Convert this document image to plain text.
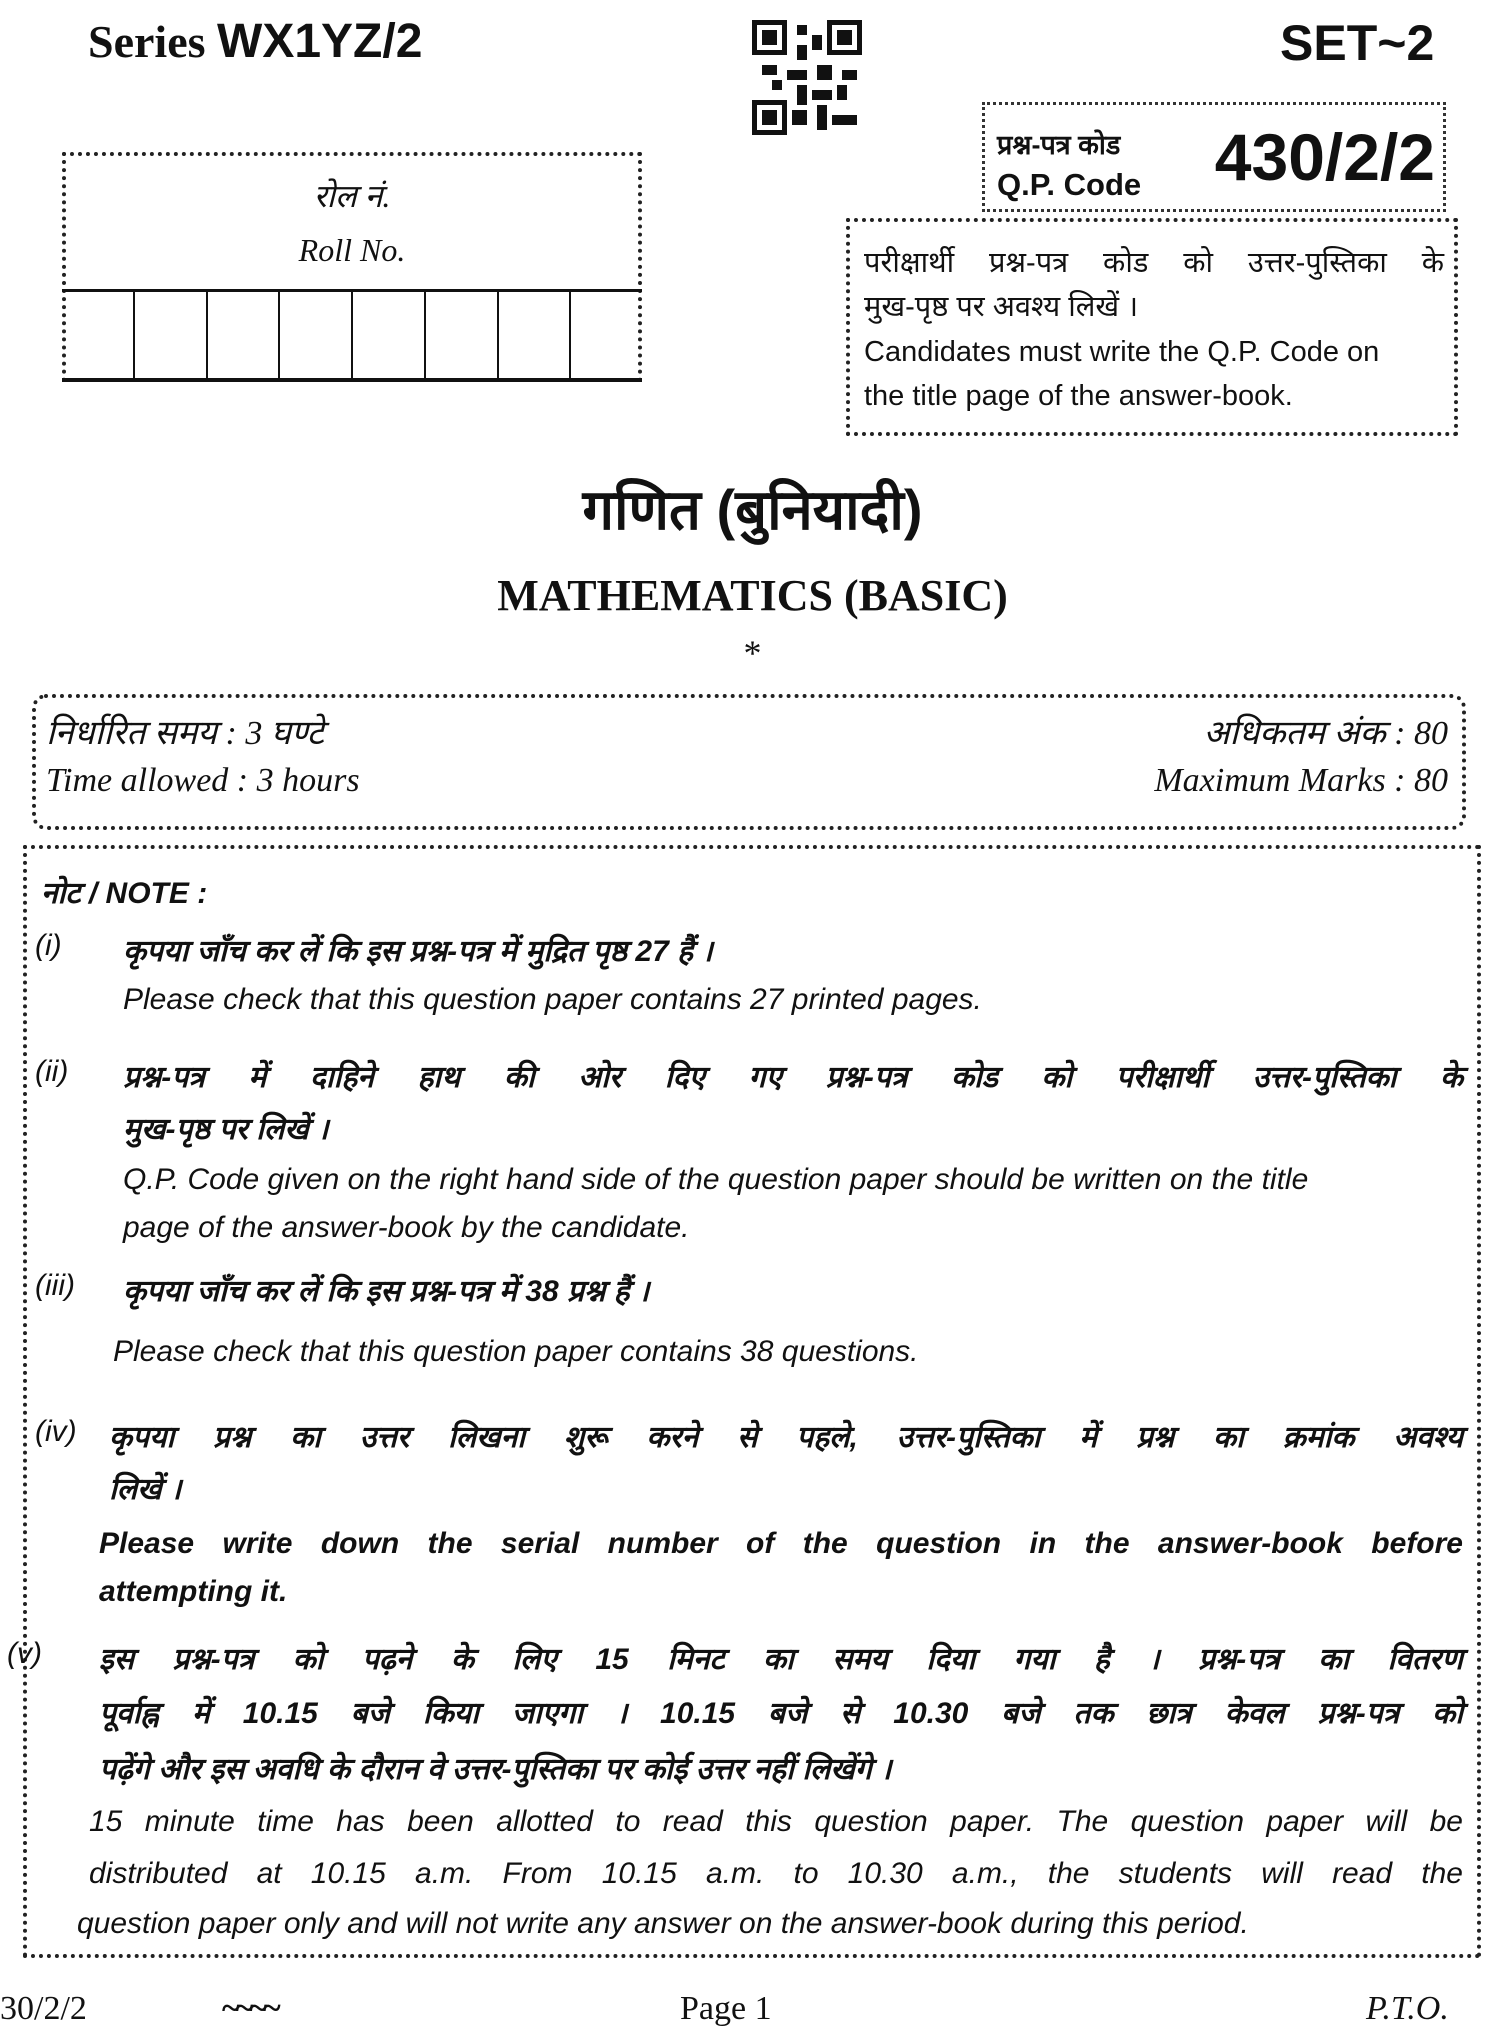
Series WX1YZ/2	SET~2
रोल नं.
Roll No.
प्रश्न-पत्र कोड
Q.P. Code 430/2/2

परीक्षार्थी प्रश्न-पत्र कोड को उत्तर-पुस्तिका के

मुख-पृष्ठ पर अवश्य लिखें ।

Candidates must write the Q.P. Code on

the title page of the answer-book.

गणित (बुनियादी)
MATHEMATICS (BASIC)
*
निर्धारित समय : 3 घण्टे
Time allowed : 3 hours
अधिकतम अंक : 80
Maximum Marks : 80
नोट / NOTE :
(i) कृपया जाँच कर लें कि इस प्रश्न-पत्र में मुद्रित पृष्ठ 27 हैं ।
Please check that this question paper contains 27 printed pages.
(ii) प्रश्न-पत्र में दाहिने हाथ की ओर दिए गए प्रश्न-पत्र कोड को परीक्षार्थी उत्तर-पुस्तिका के
मुख-पृष्ठ पर लिखें ।
Q.P. Code given on the right hand side of the question paper should be written on the title
page of the answer-book by the candidate.
(iii) कृपया जाँच कर लें कि इस प्रश्न-पत्र में 38 प्रश्न हैं ।
Please check that this question paper contains 38 questions.
(iv) कृपया प्रश्न का उत्तर लिखना शुरू करने से पहले, उत्तर-पुस्तिका में प्रश्न का क्रमांक अवश्य
लिखें ।
Please write down the serial number of the question in the answer-book before
attempting it.
(v) इस प्रश्न-पत्र को पढ़ने के लिए 15 मिनट का समय दिया गया है । प्रश्न-पत्र का वितरण
पूर्वाह्न में 10.15 बजे किया जाएगा । 10.15 बजे से 10.30 बजे तक छात्र केवल प्रश्न-पत्र को
पढ़ेंगे और इस अवधि के दौरान वे उत्तर-पुस्तिका पर कोई उत्तर नहीं लिखेंगे ।
15 minute time has been allotted to read this question paper. The question paper will be
distributed at 10.15 a.m. From 10.15 a.m. to 10.30 a.m., the students will read the
question paper only and will not write any answer on the answer-book during this period.
30/2/2	~~~~	Page 1	P.T.O.
